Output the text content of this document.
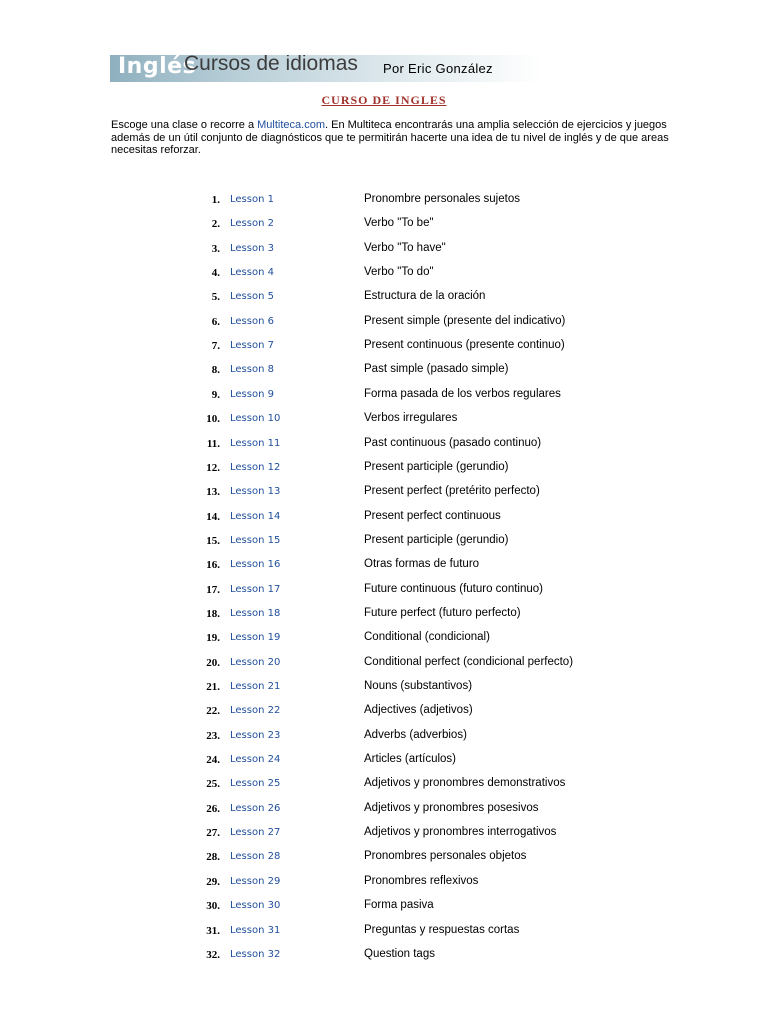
Inglés
Cursos de idiomas Por Eric González
CURSO DE INGLES
Escoge una clase o recorre a Multiteca.com. En Multiteca encontrarás una amplia selección de ejercicios y juegos además de un útil conjunto de diagnósticos que te permitirán hacerte una idea de tu nivel de inglés y de que areas necesitas reforzar.
1. Lesson 1	Pronombre personales sujetos
2. Lesson 2	Verbo "To be"
3. Lesson 3	Verbo "To have"
4. Lesson 4	Verbo "To do"
5. Lesson 5	Estructura de la oración
6. Lesson 6	Present simple (presente del indicativo)
7. Lesson 7	Present continuous (presente continuo)
8. Lesson 8	Past simple (pasado simple)
9. Lesson 9	Forma pasada de los verbos regulares
10. Lesson 10	Verbos irregulares
11. Lesson 11	Past continuous (pasado continuo)
12. Lesson 12	Present participle (gerundio)
13. Lesson 13	Present perfect (pretérito perfecto)
14. Lesson 14	Present perfect continuous
15. Lesson 15	Present participle (gerundio)
16. Lesson 16	Otras formas de futuro
17. Lesson 17	Future continuous (futuro continuo)
18. Lesson 18	Future perfect (futuro perfecto)
19. Lesson 19	Conditional (condicional)
20. Lesson 20	Conditional perfect (condicional perfecto)
21. Lesson 21	Nouns (substantivos)
22. Lesson 22	Adjectives (adjetivos)
23. Lesson 23	Adverbs (adverbios)
24. Lesson 24	Articles (artículos)
25. Lesson 25	Adjetivos y pronombres demonstrativos
26. Lesson 26	Adjetivos y pronombres posesivos
27. Lesson 27	Adjetivos y pronombres interrogativos
28. Lesson 28	Pronombres personales objetos
29. Lesson 29	Pronombres reflexivos
30. Lesson 30	Forma pasiva
31. Lesson 31	Preguntas y respuestas cortas
32. Lesson 32	Question tags
